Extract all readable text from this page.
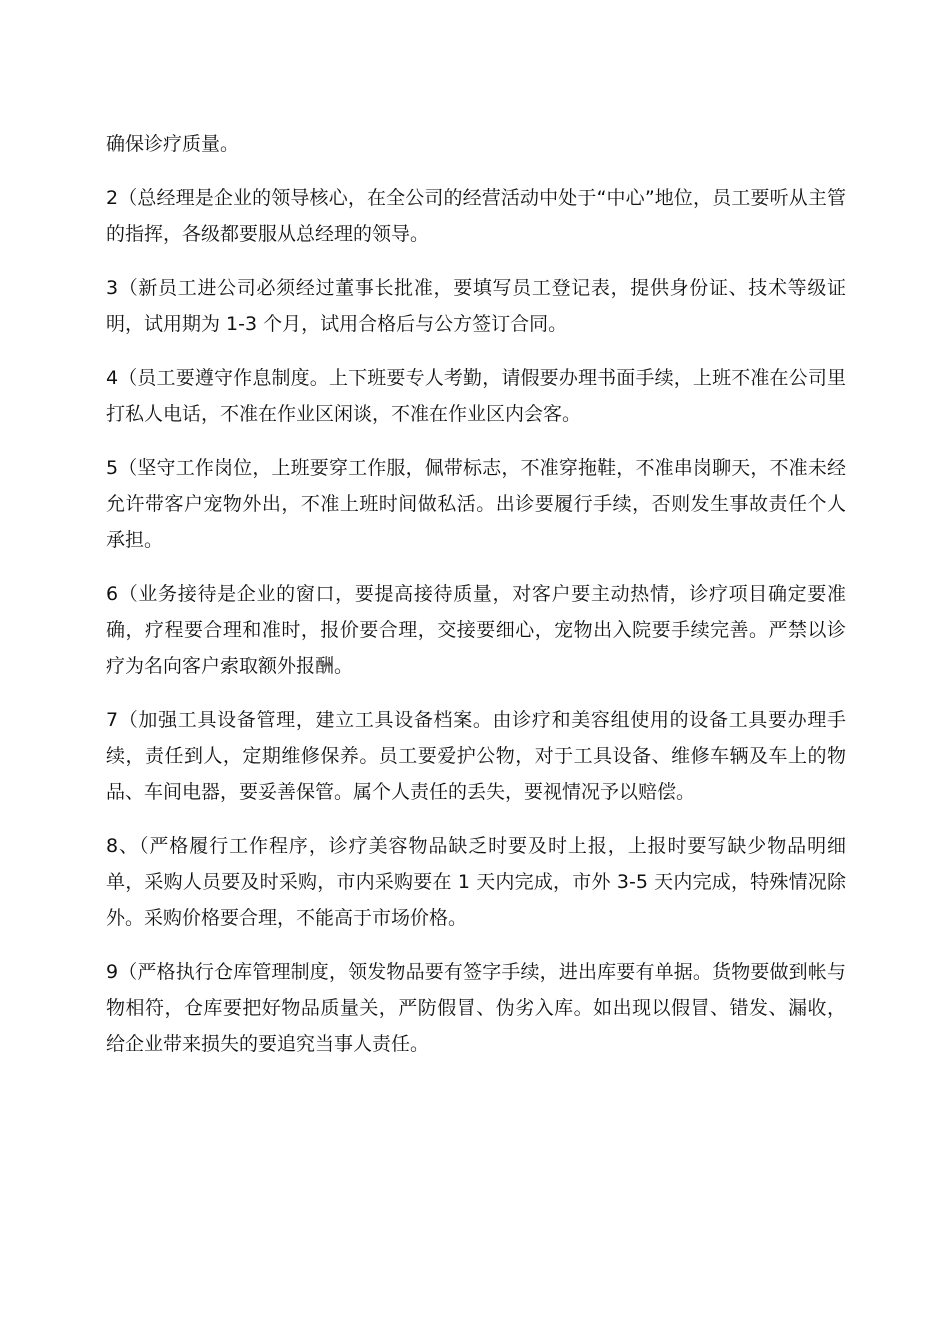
确保诊疗质量。

2（总经理是企业的领导核心，在全公司的经营活动中处于“中心”地位，员工要听从主管的指挥，各级都要服从总经理的领导。

3（新员工进公司必须经过董事长批准，要填写员工登记表，提供身份证、技术等级证明，试用期为 1-3 个月，试用合格后与公方签订合同。

4（员工要遵守作息制度。上下班要专人考勤，请假要办理书面手续，上班不准在公司里打私人电话，不准在作业区闲谈，不准在作业区内会客。

5（坚守工作岗位，上班要穿工作服，佩带标志，不准穿拖鞋，不准串岗聊天，不准未经允许带客户宠物外出，不准上班时间做私活。出诊要履行手续，否则发生事故责任个人承担。

6（业务接待是企业的窗口，要提高接待质量，对客户要主动热情，诊疗项目确定要准确，疗程要合理和准时，报价要合理，交接要细心，宠物出入院要手续完善。严禁以诊疗为名向客户索取额外报酬。

7（加强工具设备管理，建立工具设备档案。由诊疗和美容组使用的设备工具要办理手续，责任到人，定期维修保养。员工要爱护公物，对于工具设备、维修车辆及车上的物品、车间电器，要妥善保管。属个人责任的丢失，要视情况予以赔偿。

8、（严格履行工作程序，诊疗美容物品缺乏时要及时上报，上报时要写缺少物品明细单，采购人员要及时采购，市内采购要在 1 天内完成，市外 3-5 天内完成，特殊情况除外。采购价格要合理，不能高于市场价格。

9（严格执行仓库管理制度，领发物品要有签字手续，进出库要有单据。货物要做到帐与物相符，仓库要把好物品质量关，严防假冒、伪劣入库。如出现以假冒、错发、漏收，给企业带来损失的要追究当事人责任。
